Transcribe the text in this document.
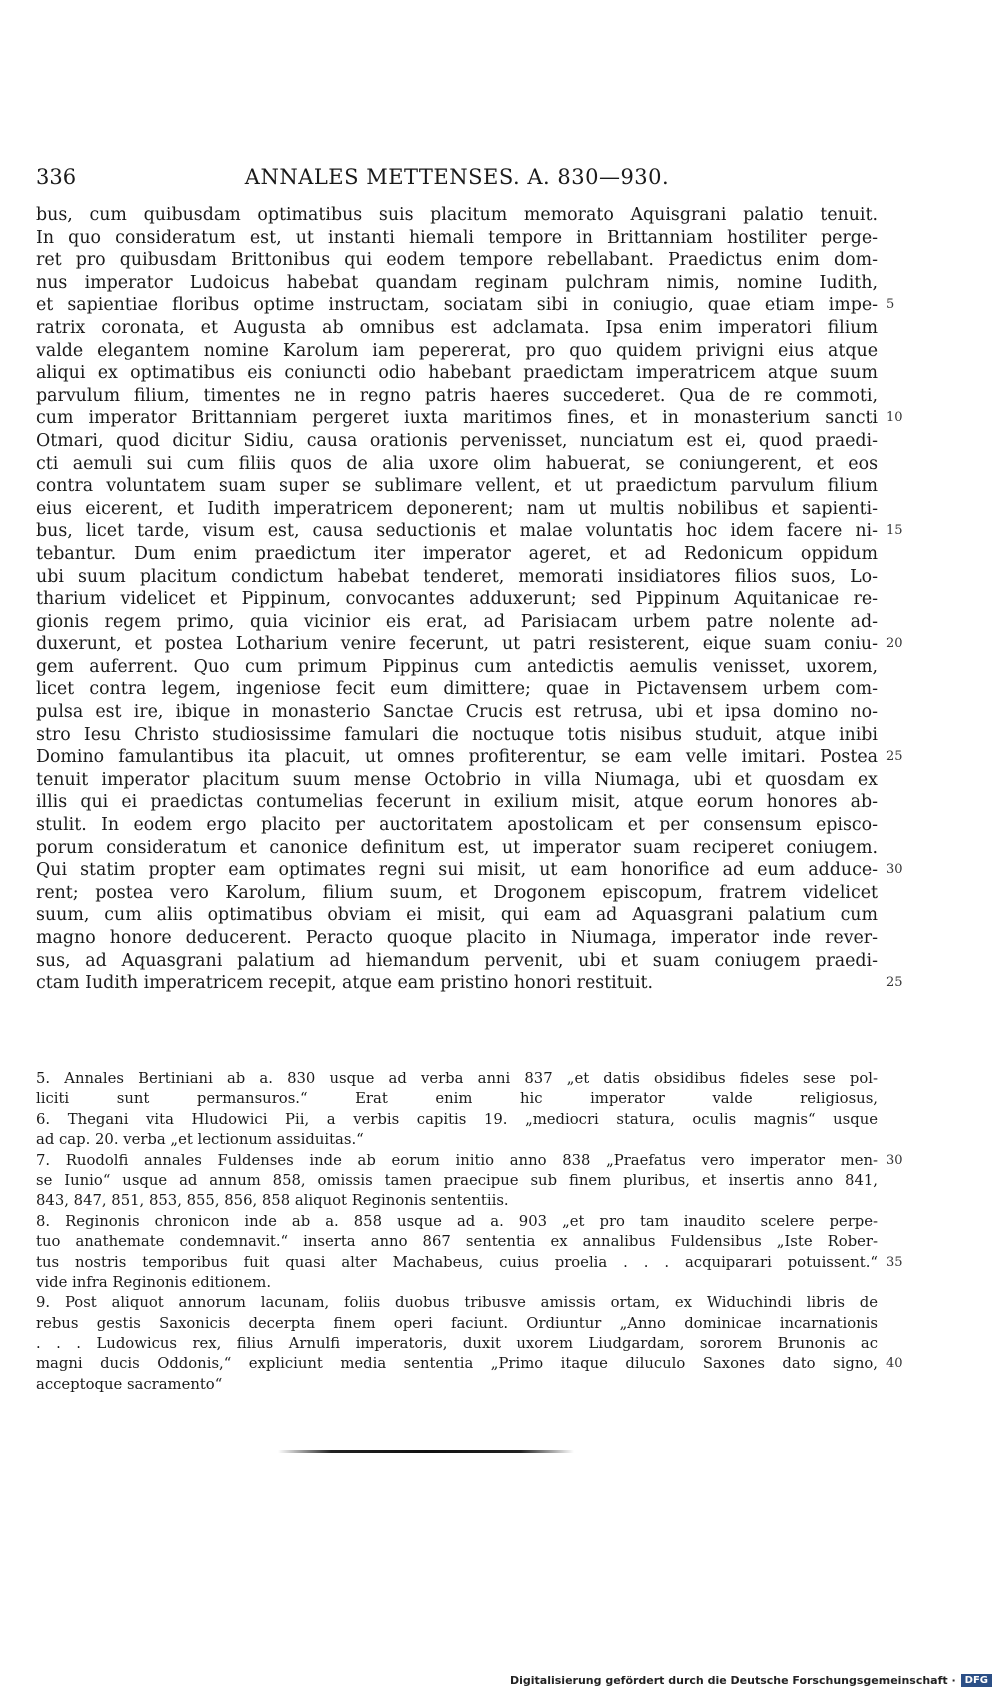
336	ANNALES METTENSES. A. 830—930.
bus, cum quibusdam optimatibus suis placitum memorato Aquisgrani palatio tenuit.
In quo consideratum est, ut instanti hiemali tempore in Brittanniam hostiliter perge-
ret pro quibusdam Brittonibus qui eodem tempore rebellabant. Praedictus enim dom-
nus imperator Ludoicus habebat quandam reginam pulchram nimis, nomine Iudith,
et sapientiae floribus optime instructam, sociatam sibi in coniugio, quae etiam impe- 5
ratrix coronata, et Augusta ab omnibus est adclamata. Ipsa enim imperatori filium
valde elegantem nomine Karolum iam pepererat, pro quo quidem privigni eius atque
aliqui ex optimatibus eis coniuncti odio habebant praedictam imperatricem atque suum
parvulum filium, timentes ne in regno patris haeres succederet. Qua de re commoti,
cum imperator Brittanniam pergeret iuxta maritimos fines, et in monasterium sancti 10
Otmari, quod dicitur Sidiu, causa orationis pervenisset, nunciatum est ei, quod praedi-
cti aemuli sui cum filiis quos de alia uxore olim habuerat, se coniungerent, et eos
contra voluntatem suam super se sublimare vellent, et ut praedictum parvulum filium
eius eicerent, et Iudith imperatricem deponerent; nam ut multis nobilibus et sapienti-
bus, licet tarde, visum est, causa seductionis et malae voluntatis hoc idem facere ni- 15
tebantur. Dum enim praedictum iter imperator ageret, et ad Redonicum oppidum
ubi suum placitum condictum habebat tenderet, memorati insidiatores filios suos, Lo-
tharium videlicet et Pippinum, convocantes adduxerunt; sed Pippinum Aquitanicae re-
gionis regem primo, quia vicinior eis erat, ad Parisiacam urbem patre nolente ad-
duxerunt, et postea Lotharium venire fecerunt, ut patri resisterent, eique suam coniu- 20
gem auferrent. Quo cum primum Pippinus cum antedictis aemulis venisset, uxorem,
licet contra legem, ingeniose fecit eum dimittere; quae in Pictavensem urbem com-
pulsa est ire, ibique in monasterio Sanctae Crucis est retrusa, ubi et ipsa domino no-
stro Iesu Christo studiosissime famulari die noctuque totis nisibus studuit, atque inibi
Domino famulantibus ita placuit, ut omnes profiterentur, se eam velle imitari. Postea 25
tenuit imperator placitum suum mense Octobrio in villa Niumaga, ubi et quosdam ex
illis qui ei praedictas contumelias fecerunt in exilium misit, atque eorum honores ab-
stulit. In eodem ergo placito per auctoritatem apostolicam et per consensum episco-
porum consideratum et canonice definitum est, ut imperator suam reciperet coniugem.
Qui statim propter eam optimates regni sui misit, ut eam honorifice ad eum adduce- 30
rent; postea vero Karolum, filium suum, et Drogonem episcopum, fratrem videlicet
suum, cum aliis optimatibus obviam ei misit, qui eam ad Aquasgrani palatium cum
magno honore deducerent. Peracto quoque placito in Niumaga, imperator inde rever-
sus, ad Aquasgrani palatium ad hiemandum pervenit, ubi et suam coniugem praedi-
ctam Iudith imperatricem recepit, atque eam pristino honori restituit.	25
5. Annales Bertiniani ab a. 830 usque ad verba anni 837 „et datis obsidibus fideles sese pol-
liciti sunt permansuros.“ Erat enim hic imperator valde religiosus,
6. Thegani vita Hludowici Pii, a verbis capitis 19. „mediocri statura, oculis magnis“ usque
ad cap. 20. verba „et lectionum assiduitas.“
7. Ruodolfi annales Fuldenses inde ab eorum initio anno 838 „Praefatus vero imperator men- 30
se Iunio“ usque ad annum 858, omissis tamen praecipue sub finem pluribus, et insertis anno 841,
843, 847, 851, 853, 855, 856, 858 aliquot Reginonis sententiis.
8. Reginonis chronicon inde ab a. 858 usque ad a. 903 „et pro tam inaudito scelere perpe-
tuo anathemate condemnavit.“ inserta anno 867 sententia ex annalibus Fuldensibus „Iste Rober-
tus nostris temporibus fuit quasi alter Machabeus, cuius proelia . . . acquiparari potuissent.“ 35
vide infra Reginonis editionem.
9. Post aliquot annorum lacunam, foliis duobus tribusve amissis ortam, ex Widuchindi libris de
rebus gestis Saxonicis decerpta finem operi faciunt. Ordiuntur „Anno dominicae incarnationis
. . . Ludowicus rex, filius Arnulfi imperatoris, duxit uxorem Liudgardam, sororem Brunonis ac
magni ducis Oddonis,“ expliciunt media sententia „Primo itaque diluculo Saxones dato signo, 40
acceptoque sacramento“
Digitalisierung gefördert durch die Deutsche Forschungsgemeinschaft · DFG
